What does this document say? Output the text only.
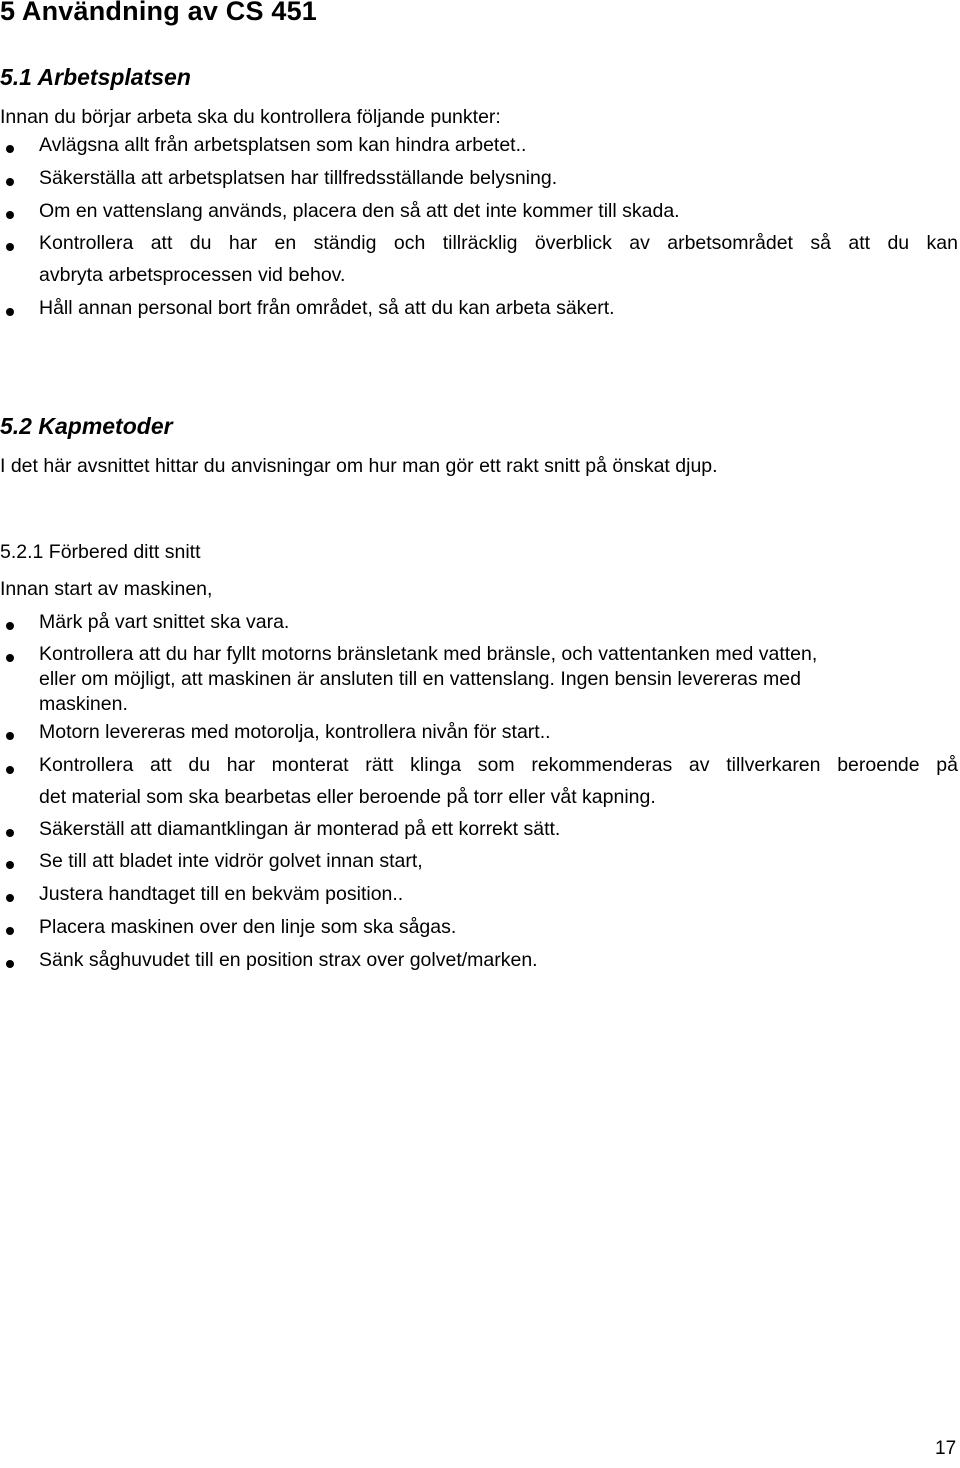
5 Användning av CS 451
5.1 Arbetsplatsen
Innan du börjar arbeta ska du kontrollera följande punkter:
Avlägsna allt från arbetsplatsen som kan hindra arbetet..
Säkerställa att arbetsplatsen har tillfredsställande belysning.
Om en vattenslang används, placera den så att det inte kommer till skada.
Kontrollera att du har en ständig och tillräcklig överblick av arbetsområdet så att du kan
avbryta arbetsprocessen vid behov.
Håll annan personal bort från området, så att du kan arbeta säkert.
5.2 Kapmetoder
I det här avsnittet hittar du anvisningar om hur man gör ett rakt snitt på önskat djup.
5.2.1 Förbered ditt snitt
Innan start av maskinen,
Märk på vart snittet ska vara.
Kontrollera att du har fyllt motorns bränsletank med bränsle, och vattentanken med vatten,
eller om möjligt, att maskinen är ansluten till en vattenslang. Ingen bensin levereras med
maskinen.
Motorn levereras med motorolja, kontrollera nivån för start..
Kontrollera att du har monterat rätt klinga som rekommenderas av tillverkaren beroende på
det material som ska bearbetas eller beroende på torr eller våt kapning.
Säkerställ att diamantklingan är monterad på ett korrekt sätt.
Se till att bladet inte vidrör golvet innan start,
Justera handtaget till en bekväm position..
Placera maskinen over den linje som ska sågas.
Sänk såghuvudet till en position strax over golvet/marken.
17
